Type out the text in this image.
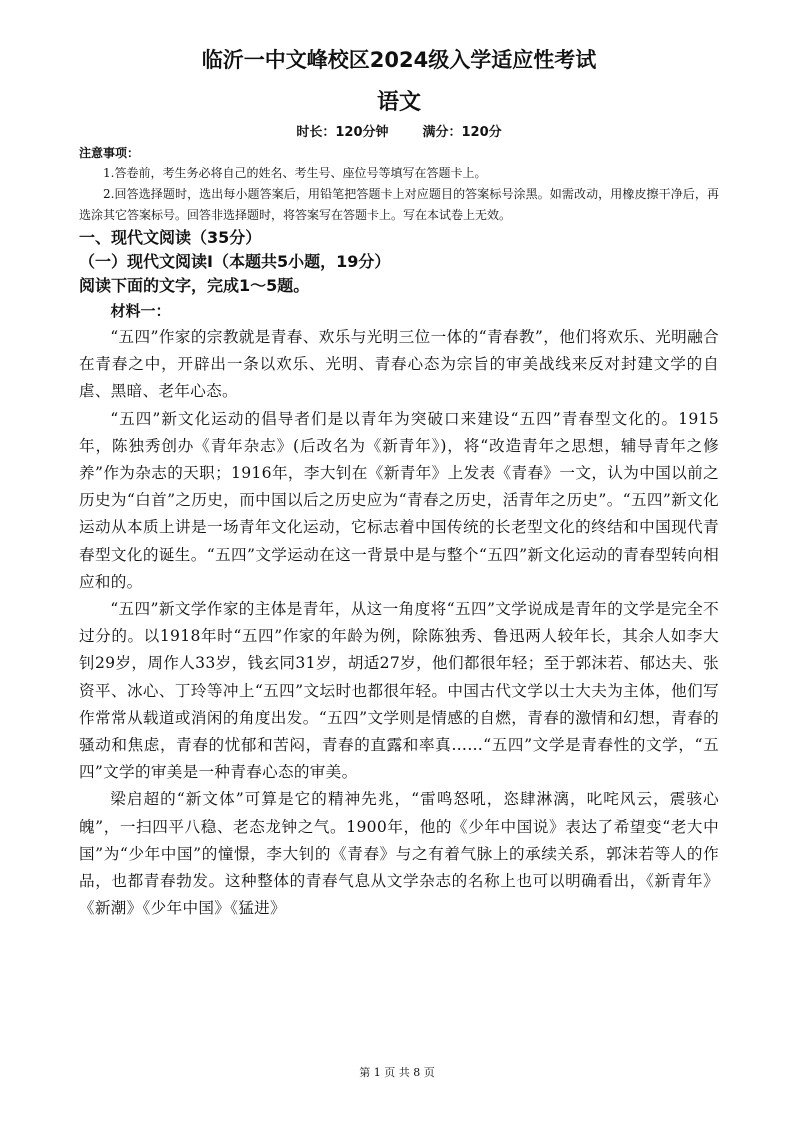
临沂一中文峰校区2024级入学适应性考试
语文

时长：120分钟	满分：120分

注意事项：

1.答卷前，考生务必将自己的姓名、考生号、座位号等填写在答题卡上。

2.回答选择题时，选出每小题答案后，用铅笔把答题卡上对应题目的答案标号涂黑。如需改动，用橡皮擦干净后，再选涂其它答案标号。回答非选择题时，将答案写在答题卡上。写在本试卷上无效。

一、现代文阅读（35分）

（一）现代文阅读Ⅰ（本题共5小题，19分）

阅读下面的文字，完成1～5题。

材料一：

“五四”作家的宗教就是青春、欢乐与光明三位一体的“青春教”，他们将欢乐、光明融合在青春之中，开辟出一条以欢乐、光明、青春心态为宗旨的审美战线来反对封建文学的自虐、黑暗、老年心态。

“五四”新文化运动的倡导者们是以青年为突破口来建设“五四”青春型文化的。1915年，陈独秀创办《青年杂志》(后改名为《新青年》)，将“改造青年之思想，辅导青年之修养”作为杂志的天职；1916年，李大钊在《新青年》上发表《青春》一文，认为中国以前之历史为“白首”之历史，而中国以后之历史应为“青春之历史，活青年之历史”。“五四”新文化运动从本质上讲是一场青年文化运动，它标志着中国传统的长老型文化的终结和中国现代青春型文化的诞生。“五四”文学运动在这一背景中是与整个“五四”新文化运动的青春型转向相应和的。

“五四”新文学作家的主体是青年，从这一角度将“五四”文学说成是青年的文学是完全不过分的。以1918年时“五四”作家的年龄为例，除陈独秀、鲁迅两人较年长，其余人如李大钊29岁，周作人33岁，钱玄同31岁，胡适27岁，他们都很年轻；至于郭沫若、郁达夫、张资平、冰心、丁玲等冲上“五四”文坛时也都很年轻。中国古代文学以士大夫为主体，他们写作常常从载道或消闲的角度出发。“五四”文学则是情感的自燃，青春的激情和幻想，青春的骚动和焦虑，青春的忧郁和苦闷，青春的直露和率真……“五四”文学是青春性的文学，“五四”文学的审美是一种青春心态的审美。

梁启超的“新文体”可算是它的精神先兆，“雷鸣怒吼，恣肆淋漓，叱咤风云，震骇心魄”，一扫四平八稳、老态龙钟之气。1900年，他的《少年中国说》表达了希望变“老大中国”为“少年中国”的憧憬，李大钊的《青春》与之有着气脉上的承续关系，郭沫若等人的作品，也都青春勃发。这种整体的青春气息从文学杂志的名称上也可以明确看出，《新青年》《新潮》《少年中国》《猛进》

第 1 页 共 8 页
